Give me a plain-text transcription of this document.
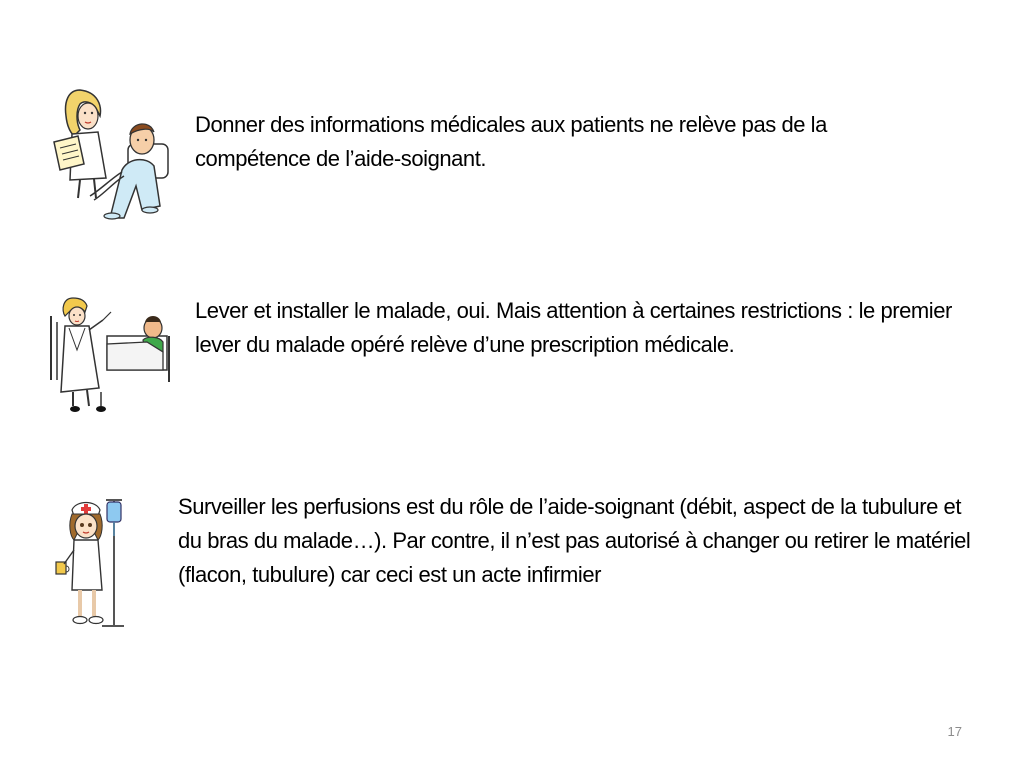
Donner des informations médicales aux patients ne relève pas de la compétence de l’aide-soignant.

Lever et installer le malade, oui. Mais attention à certaines restrictions : le premier lever du malade opéré relève d’une prescription médicale.

Surveiller les perfusions est du rôle de l’aide-soignant (débit, aspect de la tubulure et du bras du malade…). Par contre, il n’est pas autorisé à changer ou retirer le matériel (flacon, tubulure) car ceci est un acte infirmier

17
